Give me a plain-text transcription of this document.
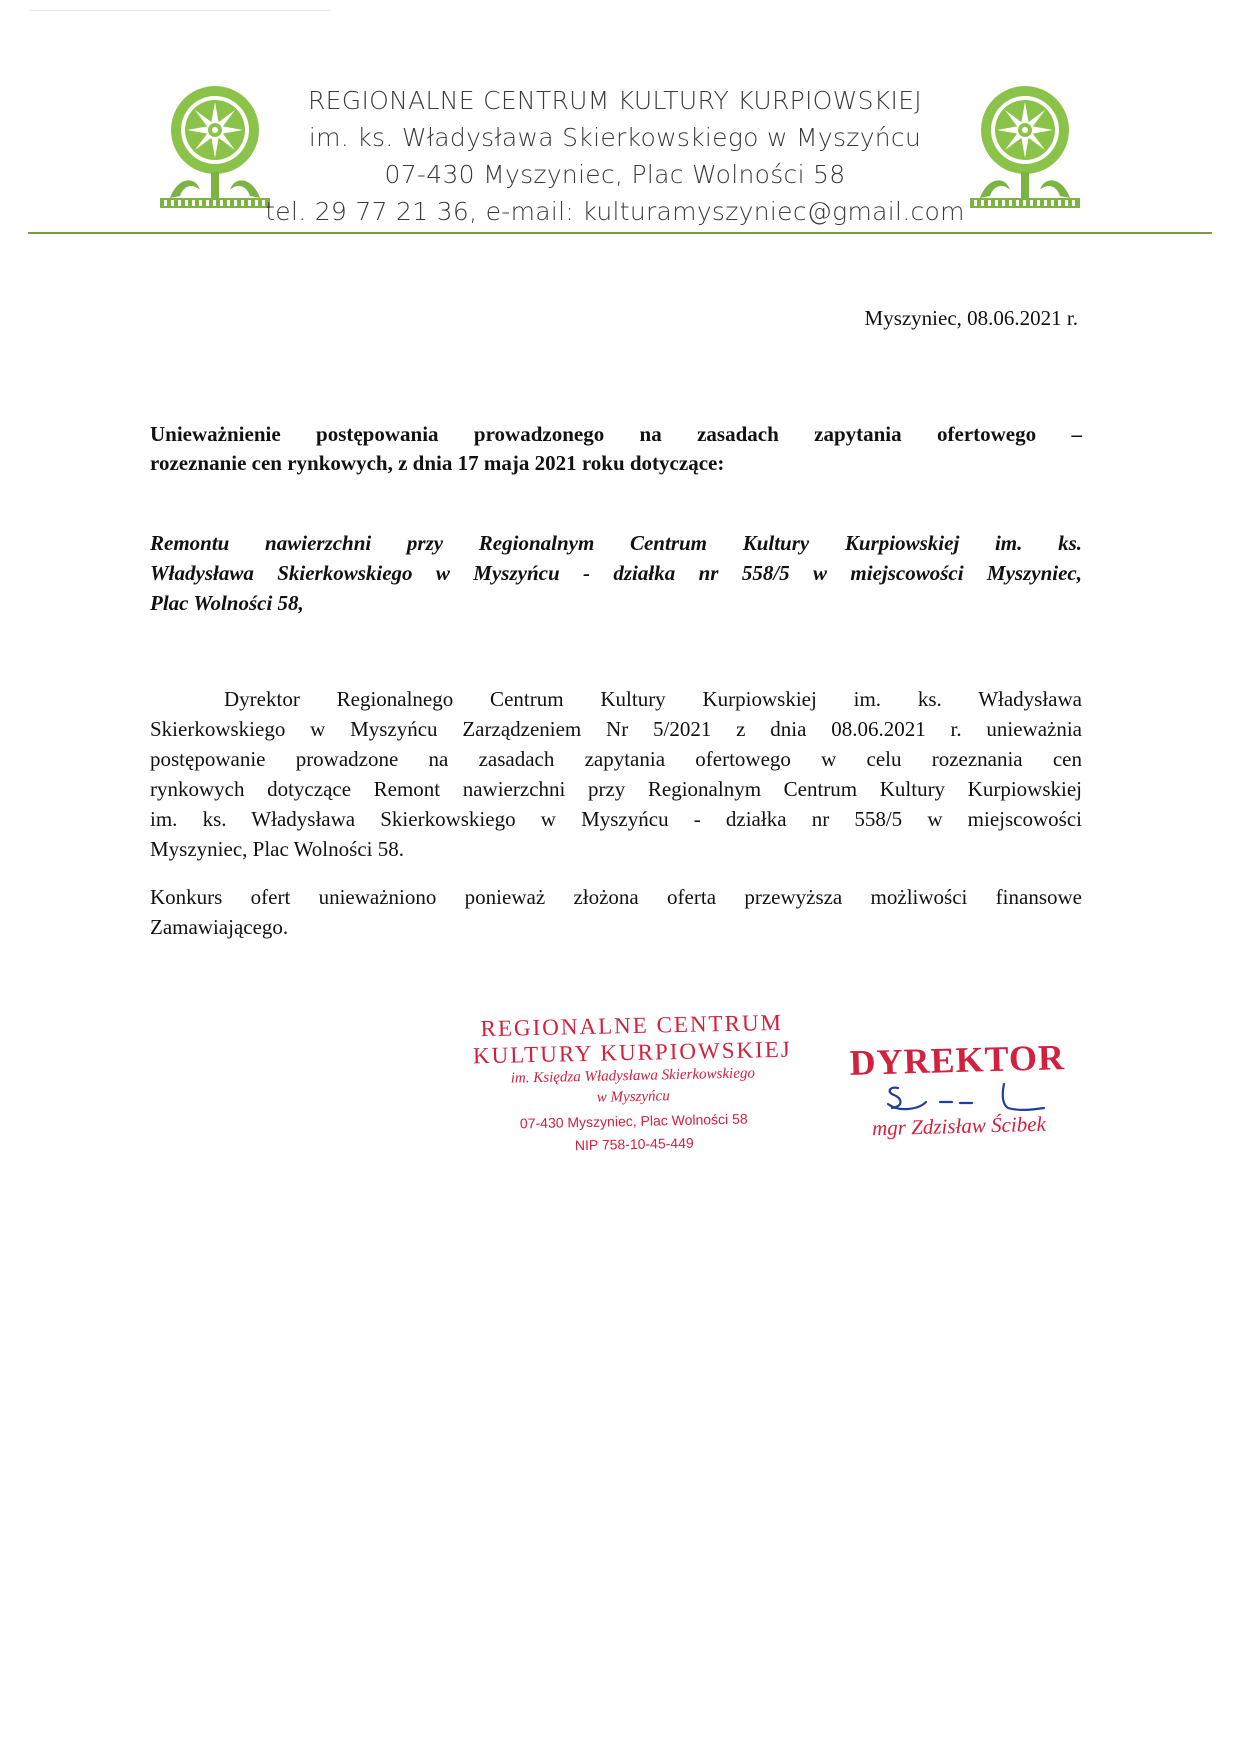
REGIONALNE CENTRUM KULTURY KURPIOWSKIEJ
im. ks. Władysława Skierkowskiego w Myszyńcu
07-430 Myszyniec, Plac Wolności 58
tel. 29 77 21 36, e-mail: kulturamyszyniec@gmail.com
Myszyniec, 08.06.2021 r.
Unieważnienie postępowania prowadzonego na zasadach zapytania ofertowego –
rozeznanie cen rynkowych, z dnia 17 maja 2021 roku dotyczące:
Remontu nawierzchni przy Regionalnym Centrum Kultury Kurpiowskiej im. ks.
Władysława Skierkowskiego w Myszyńcu - działka nr 558/5 w miejscowości Myszyniec,
Plac Wolności 58,
Dyrektor Regionalnego Centrum Kultury Kurpiowskiej im. ks. Władysława
Skierkowskiego w Myszyńcu Zarządzeniem Nr 5/2021 z dnia 08.06.2021 r. unieważnia
postępowanie prowadzone na zasadach zapytania ofertowego w celu rozeznania cen
rynkowych dotyczące Remont nawierzchni przy Regionalnym Centrum Kultury Kurpiowskiej
im. ks. Władysława Skierkowskiego w Myszyńcu - działka nr 558/5 w miejscowości
Myszyniec, Plac Wolności 58.
Konkurs ofert unieważniono ponieważ złożona oferta przewyższa możliwości finansowe
Zamawiającego.
REGIONALNE CENTRUM
KULTURY KURPIOWSKIEJ
im. Księdza Władysława Skierkowskiego
w Myszyńcu
07-430 Myszyniec, Plac Wolności 58
NIP 758-10-45-449
DYREKTOR
mgr Zdzisław Ścibek
